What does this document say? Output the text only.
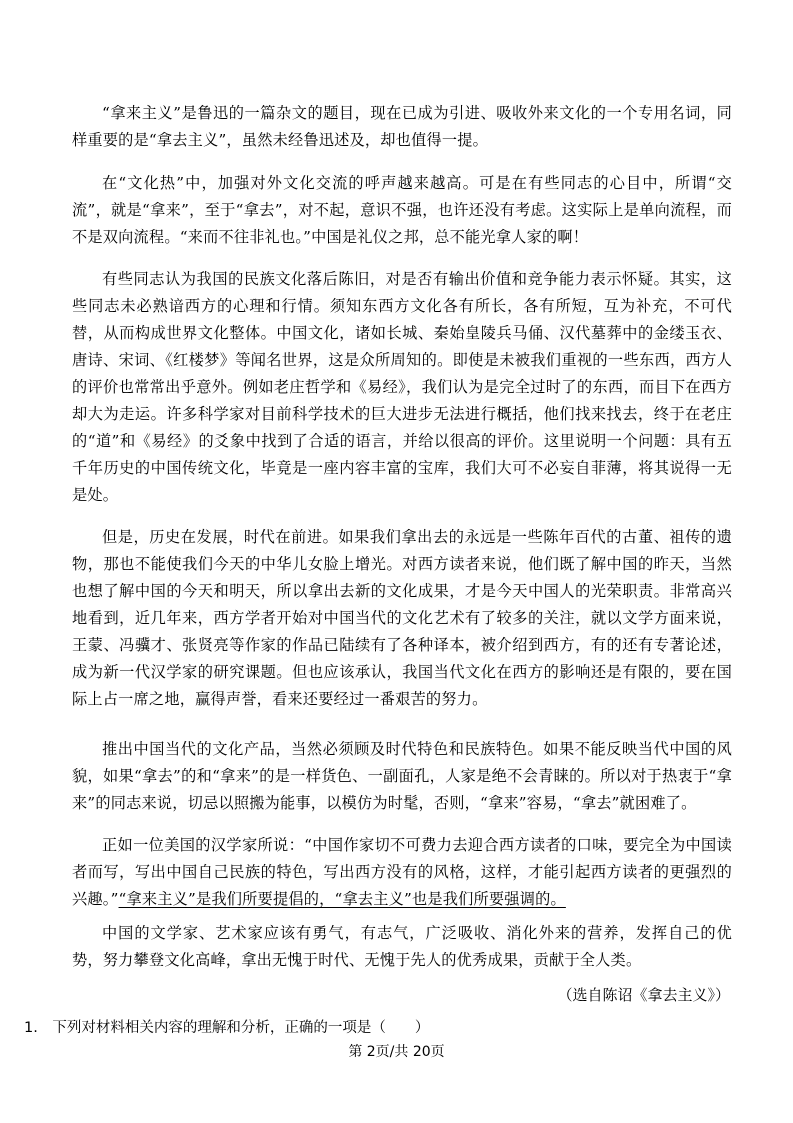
“拿来主义”是鲁迅的一篇杂文的题目，现在已成为引进、吸收外来文化的一个专用名词，同样重要的是“拿去主义”，虽然未经鲁迅述及，却也值得一提。

在“文化热”中，加强对外文化交流的呼声越来越高。可是在有些同志的心目中，所谓“交流”，就是“拿来”，至于“拿去”，对不起，意识不强，也许还没有考虑。这实际上是单向流程，而不是双向流程。“来而不往非礼也。”中国是礼仪之邦，总不能光拿人家的啊！

有些同志认为我国的民族文化落后陈旧，对是否有输出价值和竞争能力表示怀疑。其实，这些同志未必熟谙西方的心理和行情。须知东西方文化各有所长，各有所短，互为补充，不可代替，从而构成世界文化整体。中国文化，诸如长城、秦始皇陵兵马俑、汉代墓葬中的金缕玉衣、唐诗、宋词、《红楼梦》等闻名世界，这是众所周知的。即使是未被我们重视的一些东西，西方人的评价也常常出乎意外。例如老庄哲学和《易经》，我们认为是完全过时了的东西，而目下在西方却大为走运。许多科学家对目前科学技术的巨大进步无法进行概括，他们找来找去，终于在老庄的“道”和《易经》的爻象中找到了合适的语言，并给以很高的评价。这里说明一个问题：具有五千年历史的中国传统文化，毕竟是一座内容丰富的宝库，我们大可不必妄自菲薄，将其说得一无是处。

但是，历史在发展，时代在前进。如果我们拿出去的永远是一些陈年百代的古董、祖传的遗物，那也不能使我们今天的中华儿女脸上增光。对西方读者来说，他们既了解中国的昨天，当然也想了解中国的今天和明天，所以拿出去新的文化成果，才是今天中国人的光荣职责。非常高兴地看到，近几年来，西方学者开始对中国当代的文化艺术有了较多的关注，就以文学方面来说，王蒙、冯骥才、张贤亮等作家的作品已陆续有了各种译本，被介绍到西方，有的还有专著论述，成为新一代汉学家的研究课题。但也应该承认，我国当代文化在西方的影响还是有限的，要在国际上占一席之地，赢得声誉，看来还要经过一番艰苦的努力。

推出中国当代的文化产品，当然必须顾及时代特色和民族特色。如果不能反映当代中国的风貌，如果“拿去”的和“拿来”的是一样货色、一副面孔，人家是绝不会青睐的。所以对于热衷于“拿来”的同志来说，切忌以照搬为能事，以模仿为时髦，否则，“拿来”容易，“拿去”就困难了。

正如一位美国的汉学家所说：“中国作家切不可费力去迎合西方读者的口味，要完全为中国读者而写，写出中国自己民族的特色，写出西方没有的风格，这样，才能引起西方读者的更强烈的兴趣。”“拿来主义”是我们所要提倡的，“拿去主义”也是我们所要强调的。

中国的文学家、艺术家应该有勇气，有志气，广泛吸收、消化外来的营养，发挥自己的优势，努力攀登文化高峰，拿出无愧于时代、无愧于先人的优秀成果，贡献于全人类。

（选自陈诏《拿去主义》）
1.　下列对材料相关内容的理解和分析，正确的一项是（　　）
第 2页/共 20页
